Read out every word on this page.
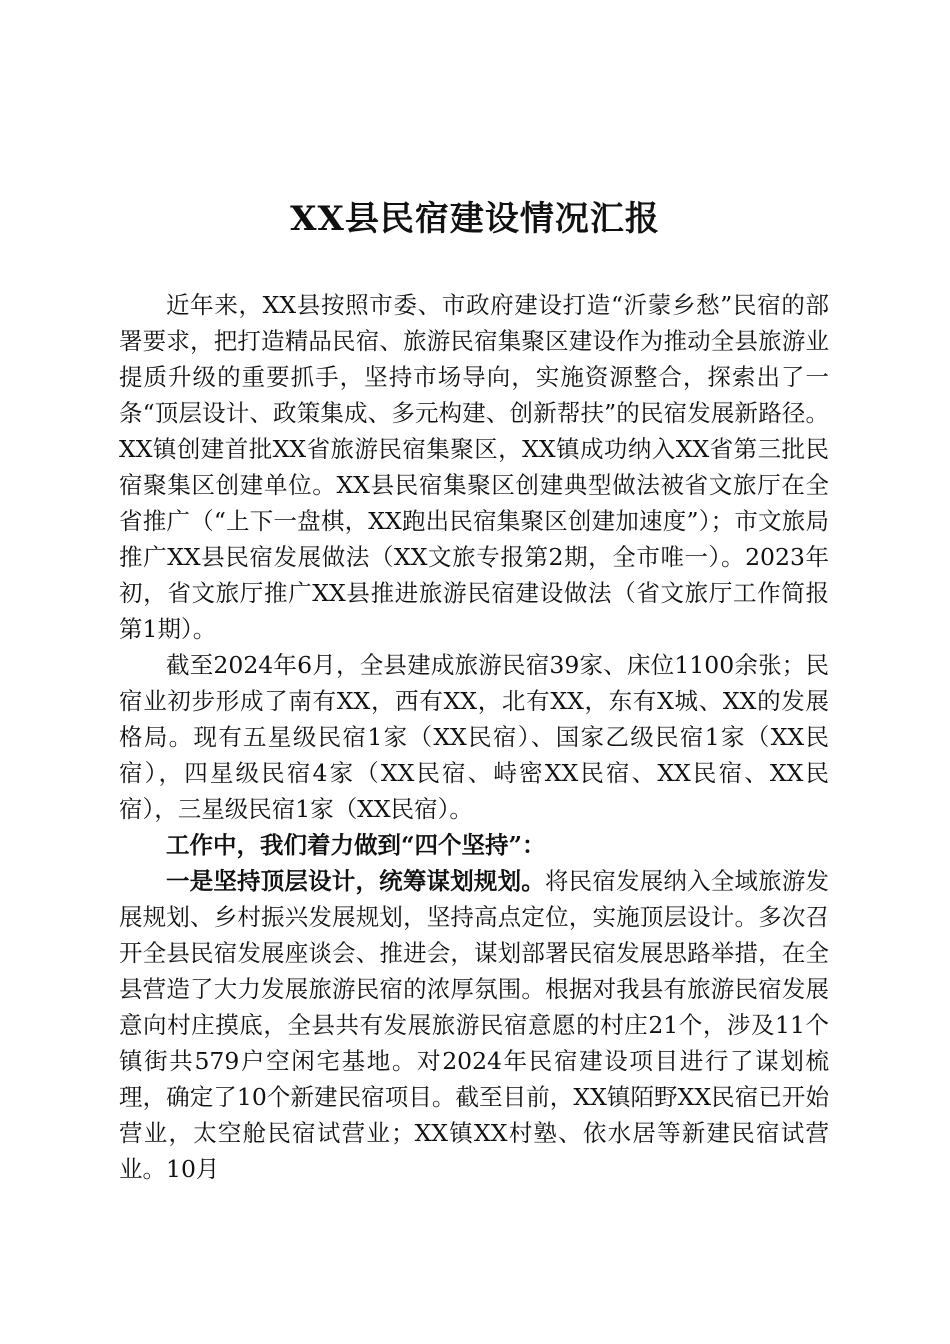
XX县民宿建设情况汇报

近年来，XX县按照市委、市政府建设打造“沂蒙乡愁”民宿的部署要求，把打造精品民宿、旅游民宿集聚区建设作为推动全县旅游业提质升级的重要抓手，坚持市场导向，实施资源整合，探索出了一条“顶层设计、政策集成、多元构建、创新帮扶”的民宿发展新路径。XX镇创建首批XX省旅游民宿集聚区，XX镇成功纳入XX省第三批民宿聚集区创建单位。XX县民宿集聚区创建典型做法被省文旅厅在全省推广（“上下一盘棋，XX跑出民宿集聚区创建加速度”）；市文旅局推广XX县民宿发展做法（XX文旅专报第2期，全市唯一）。2023年初，省文旅厅推广XX县推进旅游民宿建设做法（省文旅厅工作简报第1期）。

截至2024年6月，全县建成旅游民宿39家、床位1100余张；民宿业初步形成了南有XX，西有XX，北有XX，东有X城、XX的发展格局。现有五星级民宿1家（XX民宿）、国家乙级民宿1家（XX民宿），四星级民宿4家（XX民宿、峙密XX民宿、XX民宿、XX民宿），三星级民宿1家（XX民宿）。

工作中，我们着力做到“四个坚持”：

一是坚持顶层设计，统筹谋划规划。将民宿发展纳入全域旅游发展规划、乡村振兴发展规划，坚持高点定位，实施顶层设计。多次召开全县民宿发展座谈会、推进会，谋划部署民宿发展思路举措，在全县营造了大力发展旅游民宿的浓厚氛围。根据对我县有旅游民宿发展意向村庄摸底，全县共有发展旅游民宿意愿的村庄21个，涉及11个镇街共579户空闲宅基地。对2024年民宿建设项目进行了谋划梳理，确定了10个新建民宿项目。截至目前，XX镇陌野XX民宿已开始营业，太空舱民宿试营业；XX镇XX村塾、依水居等新建民宿试营业。10月
